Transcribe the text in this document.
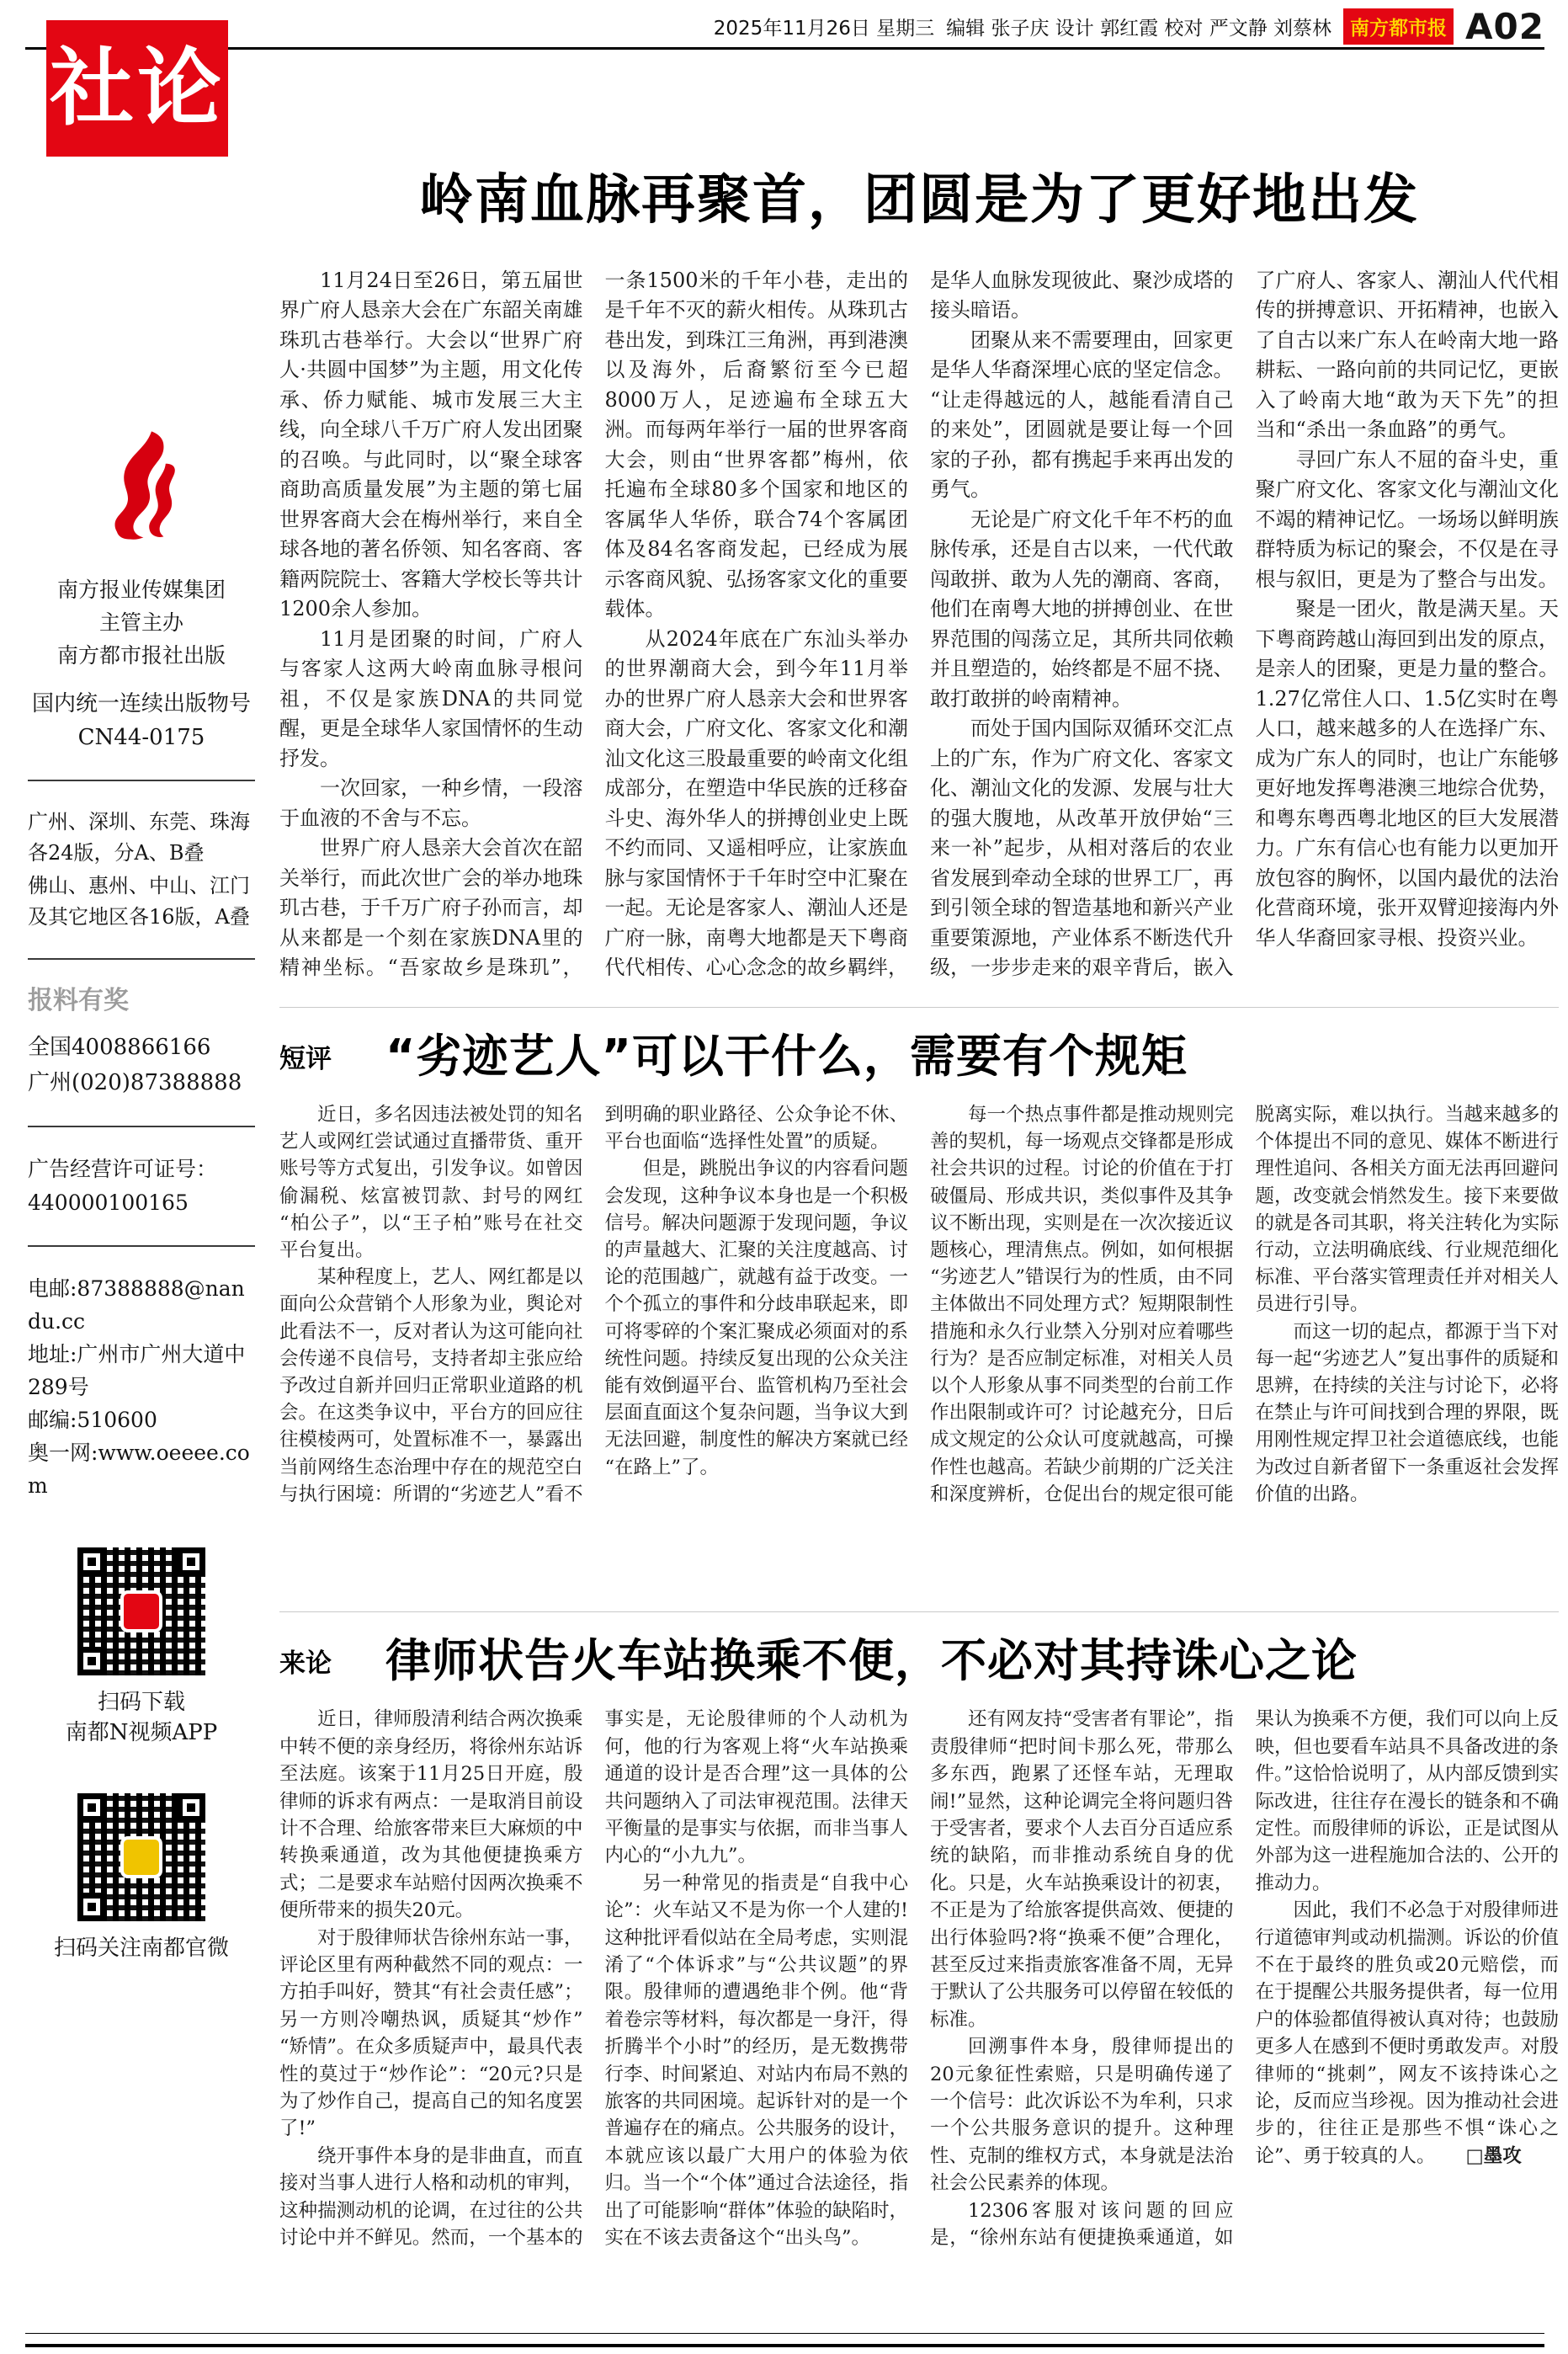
社论
2025年11月26日 星期三 编辑 张子庆 设计 郭红霞 校对 严文静 刘蔡林 南方都市报 A02
南方报业传媒集团
主管主办
南方都市报社出版
国内统一连续出版物号
CN44-0175
广州、深圳、东莞、珠海各24版，分A、B叠
佛山、惠州、中山、江门及其它地区各16版，A叠
报料有奖
全国4008866166
广州(020)87388888
广告经营许可证号：
440000100165
电邮:87388888@nandu.cc
地址:广州市广州大道中289号
邮编:510600
奥一网:www.oeeee.com
扫码下载
南都N视频APP
扫码关注南都官微
岭南血脉再聚首，团圆是为了更好地出发

11月24日至26日，第五届世界广府人恳亲大会在广东韶关南雄珠玑古巷举行。大会以“世界广府人·共圆中国梦”为主题，用文化传承、侨力赋能、城市发展三大主线，向全球八千万广府人发出团聚的召唤。与此同时，以“聚全球客商助高质量发展”为主题的第七届世界客商大会在梅州举行，来自全球各地的著名侨领、知名客商、客籍两院院士、客籍大学校长等共计1200余人参加。

11月是团聚的时间，广府人与客家人这两大岭南血脉寻根问祖，不仅是家族DNA的共同觉醒，更是全球华人家国情怀的生动抒发。

一次回家，一种乡情，一段溶于血液的不舍与不忘。

世界广府人恳亲大会首次在韶关举行，而此次世广会的举办地珠玑古巷，于千万广府子孙而言，却从来都是一个刻在家族DNA里的精神坐标。“吾家故乡是珠玑”，一条1500米的千年小巷，走出的是千年不灭的薪火相传。从珠玑古巷出发，到珠江三角洲，再到港澳以及海外，后裔繁衍至今已超8000万人，足迹遍布全球五大洲。而每两年举行一届的世界客商大会，则由“世界客都”梅州，依托遍布全球80多个国家和地区的客属华人华侨，联合74个客属团体及84名客商发起，已经成为展示客商风貌、弘扬客家文化的重要载体。

从2024年底在广东汕头举办的世界潮商大会，到今年11月举办的世界广府人恳亲大会和世界客商大会，广府文化、客家文化和潮汕文化这三股最重要的岭南文化组成部分，在塑造中华民族的迁移奋斗史、海外华人的拼搏创业史上既不约而同、又遥相呼应，让家族血脉与家国情怀于千年时空中汇聚在一起。无论是客家人、潮汕人还是广府一脉，南粤大地都是天下粤商代代相传、心心念念的故乡羁绊，是华人血脉发现彼此、聚沙成塔的接头暗语。

团聚从来不需要理由，回家更是华人华裔深埋心底的坚定信念。“让走得越远的人，越能看清自己的来处”，团圆就是要让每一个回家的子孙，都有携起手来再出发的勇气。

无论是广府文化千年不朽的血脉传承，还是自古以来，一代代敢闯敢拼、敢为人先的潮商、客商，他们在南粤大地的拼搏创业、在世界范围的闯荡立足，其所共同依赖并且塑造的，始终都是不屈不挠、敢打敢拼的岭南精神。

而处于国内国际双循环交汇点上的广东，作为广府文化、客家文化、潮汕文化的发源、发展与壮大的强大腹地，从改革开放伊始“三来一补”起步，从相对落后的农业省发展到牵动全球的世界工厂，再到引领全球的智造基地和新兴产业重要策源地，产业体系不断迭代升级，一步步走来的艰辛背后，嵌入了广府人、客家人、潮汕人代代相传的拼搏意识、开拓精神，也嵌入了自古以来广东人在岭南大地一路耕耘、一路向前的共同记忆，更嵌入了岭南大地“敢为天下先”的担当和“杀出一条血路”的勇气。

寻回广东人不屈的奋斗史，重聚广府文化、客家文化与潮汕文化不竭的精神记忆。一场场以鲜明族群特质为标记的聚会，不仅是在寻根与叙旧，更是为了整合与出发。

聚是一团火，散是满天星。天下粤商跨越山海回到出发的原点，是亲人的团聚，更是力量的整合。1.27亿常住人口、1.5亿实时在粤人口，越来越多的人在选择广东、成为广东人的同时，也让广东能够更好地发挥粤港澳三地综合优势，和粤东粤西粤北地区的巨大发展潜力。广东有信心也有能力以更加开放包容的胸怀，以国内最优的法治化营商环境，张开双臂迎接海内外华人华裔回家寻根、投资兴业。

短评 “劣迹艺人”可以干什么，需要有个规矩

近日，多名因违法被处罚的知名艺人或网红尝试通过直播带货、重开账号等方式复出，引发争议。如曾因偷漏税、炫富被罚款、封号的网红“柏公子”，以“王子柏”账号在社交平台复出。

某种程度上，艺人、网红都是以面向公众营销个人形象为业，舆论对此看法不一，反对者认为这可能向社会传递不良信号，支持者却主张应给予改过自新并回归正常职业道路的机会。在这类争议中，平台方的回应往往模棱两可，处置标准不一，暴露出当前网络生态治理中存在的规范空白与执行困境：所谓的“劣迹艺人”看不到明确的职业路径、公众争论不休、平台也面临“选择性处置”的质疑。

但是，跳脱出争议的内容看问题会发现，这种争议本身也是一个积极信号。解决问题源于发现问题，争议的声量越大、汇聚的关注度越高、讨论的范围越广，就越有益于改变。一个个孤立的事件和分歧串联起来，即可将零碎的个案汇聚成必须面对的系统性问题。持续反复出现的公众关注能有效倒逼平台、监管机构乃至社会层面直面这个复杂问题，当争议大到无法回避，制度性的解决方案就已经“在路上”了。

每一个热点事件都是推动规则完善的契机，每一场观点交锋都是形成社会共识的过程。讨论的价值在于打破僵局、形成共识，类似事件及其争议不断出现，实则是在一次次接近议题核心，理清焦点。例如，如何根据“劣迹艺人”错误行为的性质，由不同主体做出不同处理方式？短期限制性措施和永久行业禁入分别对应着哪些行为？是否应制定标准，对相关人员以个人形象从事不同类型的台前工作作出限制或许可？讨论越充分，日后成文规定的公众认可度就越高，可操作性也越高。若缺少前期的广泛关注和深度辨析，仓促出台的规定很可能脱离实际，难以执行。当越来越多的个体提出不同的意见、媒体不断进行理性追问、各相关方面无法再回避问题，改变就会悄然发生。接下来要做的就是各司其职，将关注转化为实际行动，立法明确底线、行业规范细化标准、平台落实管理责任并对相关人员进行引导。

而这一切的起点，都源于当下对每一起“劣迹艺人”复出事件的质疑和思辨，在持续的关注与讨论下，必将在禁止与许可间找到合理的界限，既用刚性规定捍卫社会道德底线，也能为改过自新者留下一条重返社会发挥价值的出路。

来论 律师状告火车站换乘不便，不必对其持诛心之论

近日，律师殷清利结合两次换乘中转不便的亲身经历，将徐州东站诉至法庭。该案于11月25日开庭，殷律师的诉求有两点：一是取消目前设计不合理、给旅客带来巨大麻烦的中转换乘通道，改为其他便捷换乘方式；二是要求车站赔付因两次换乘不便所带来的损失20元。

对于殷律师状告徐州东站一事，评论区里有两种截然不同的观点：一方拍手叫好，赞其“有社会责任感”；另一方则冷嘲热讽，质疑其“炒作”“矫情”。在众多质疑声中，最具代表性的莫过于“炒作论”：“20元?只是为了炒作自己，提高自己的知名度罢了!”

绕开事件本身的是非曲直，而直接对当事人进行人格和动机的审判，这种揣测动机的论调，在过往的公共讨论中并不鲜见。然而，一个基本的事实是，无论殷律师的个人动机为何，他的行为客观上将“火车站换乘通道的设计是否合理”这一具体的公共问题纳入了司法审视范围。法律天平衡量的是事实与依据，而非当事人内心的“小九九”。

另一种常见的指责是“自我中心论”：火车站又不是为你一个人建的!这种批评看似站在全局考虑，实则混淆了“个体诉求”与“公共议题”的界限。殷律师的遭遇绝非个例。他“背着卷宗等材料，每次都是一身汗，得折腾半个小时”的经历，是无数携带行李、时间紧迫、对站内布局不熟的旅客的共同困境。起诉针对的是一个普遍存在的痛点。公共服务的设计，本就应该以最广大用户的体验为依归。当一个“个体”通过合法途径，指出了可能影响“群体”体验的缺陷时，实在不该去责备这个“出头鸟”。

还有网友持“受害者有罪论”，指责殷律师“把时间卡那么死，带那么多东西，跑累了还怪车站，无理取闹!”显然，这种论调完全将问题归咎于受害者，要求个人去百分百适应系统的缺陷，而非推动系统自身的优化。只是，火车站换乘设计的初衷，不正是为了给旅客提供高效、便捷的出行体验吗?将“换乘不便”合理化，甚至反过来指责旅客准备不周，无异于默认了公共服务可以停留在较低的标准。

回溯事件本身，殷律师提出的20元象征性索赔，只是明确传递了一个信号：此次诉讼不为牟利，只求一个公共服务意识的提升。这种理性、克制的维权方式，本身就是法治社会公民素养的体现。

12306客服对该问题的回应是，“徐州东站有便捷换乘通道，如果认为换乘不方便，我们可以向上反映，但也要看车站具不具备改进的条件。”这恰恰说明了，从内部反馈到实际改进，往往存在漫长的链条和不确定性。而殷律师的诉讼，正是试图从外部为这一进程施加合法的、公开的推动力。

因此，我们不必急于对殷律师进行道德审判或动机揣测。诉讼的价值不在于最终的胜负或20元赔偿，而在于提醒公共服务提供者，每一位用户的体验都值得被认真对待；也鼓励更多人在感到不便时勇敢发声。对殷律师的“挑刺”，网友不该持诛心之论，反而应当珍视。因为推动社会进步的，往往正是那些不惧“诛心之论”、勇于较真的人。 □墨攻
